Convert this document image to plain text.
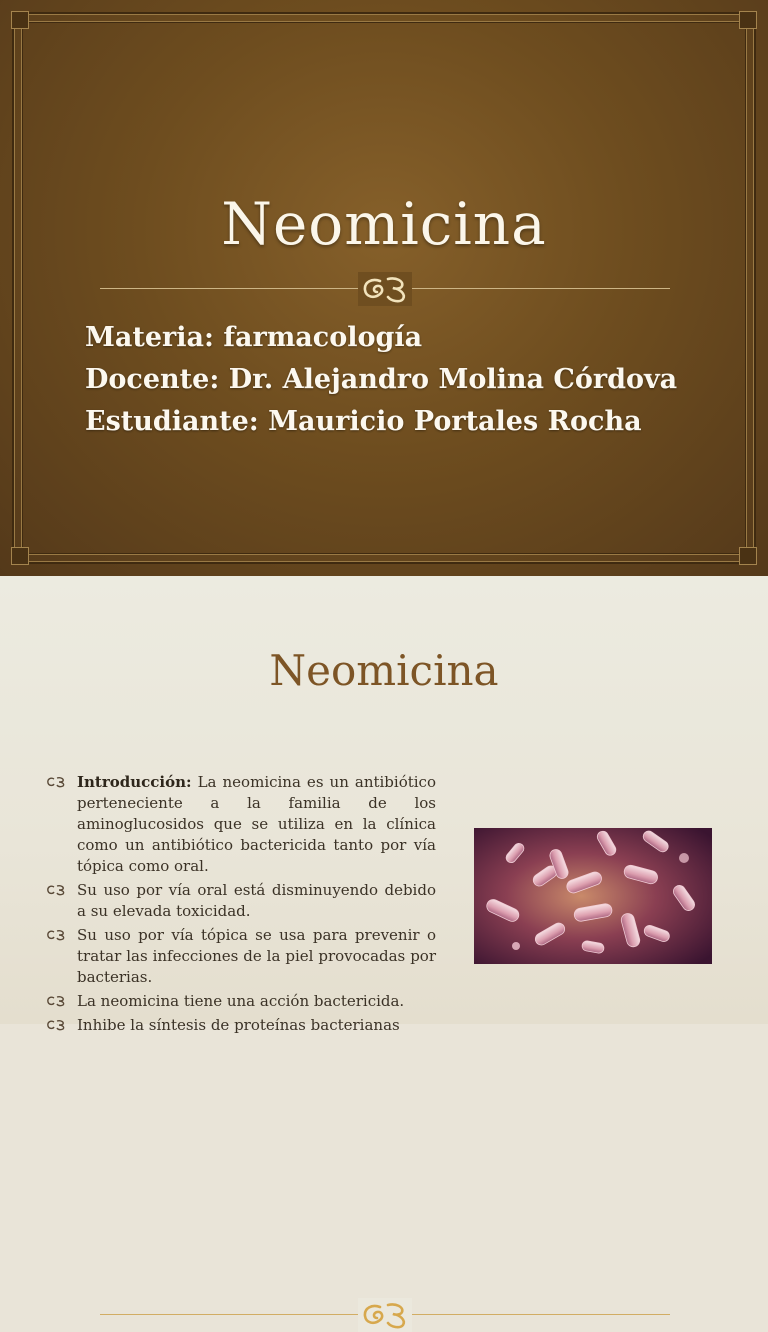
Neomicina
Materia: farmacología
Docente: Dr. Alejandro Molina Córdova
Estudiante: Mauricio Portales Rocha
Neomicina
Introducción: La neomicina es un antibiótico perteneciente a la familia de los aminoglucosidos que se utiliza en la clínica como un antibiótico bactericida tanto por vía tópica como oral.
Su uso por vía oral está disminuyendo debido a su elevada toxicidad.
Su uso por vía tópica se usa para prevenir o tratar las infecciones de la piel provocadas por bacterias.
La neomicina tiene una acción bactericida.
Inhibe la síntesis de proteínas bacterianas
